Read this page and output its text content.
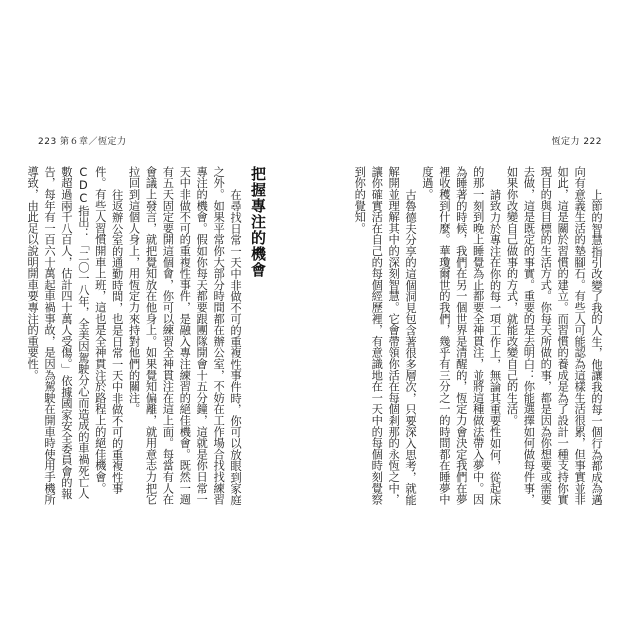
223 第６章／恆定力	恆定力 222

上節的智慧指引改變了我的人生，他讓我的每一個行為都成為邁向有意義生活的墊腳石。有些人可能認為這樣生活很累，但事實並非如此，這是關於習慣的建立。而習慣的養成是為了設計一種支持你實現目的與目標的生活方式。你每天所做的事，都是因為你想要或需要去做，這是既定的事實。重要的是去明白：你能選擇如何做每件事，如果你改變自己做事的方式，就能改變自己的生活。

請致力於專注在你的每一項工作上，無論其重要性如何，從起床的那一刻到晚上睡覺為止都要全神貫注，並將這種做法帶入夢中。因為睡著的時候，我們在另一個世界是清醒的，恆定力會決定我們在夢裡收穫到什麼。華瓊爾世的我們，幾乎有三分之一的時間都在睡夢中度過。

古魯德夫分享的這個洞見包含著很多層次，只要深入思考，就能解開並理解其中的深刻智慧。它會帶領你活在每個剎那的永恆之中，讓你確實活在自己的每個經歷裡，有意識地在一天中的每個時刻覺察到你的覺知。

把握專注的機會

在尋找日常一天中非做不可的重複性事件時，你可以放眼到家庭之外。如果平常你大部分時間都在辦公室，不妨在工作場合找找練習專注的機會。假如你每天都要跟團隊開會十五分鐘，這就是你日常一天中非做不可的重複性事件，是融入專注練習的絕佳機會。既然一週有五天固定要開這個會，你可以練習全神貫注在這上面。每當有人在會議上發言，就把覺知放在他身上。如果覺知偏離，就用意志力把它拉回到這個人身上，用恆定力來持對他們的關注。

往返辦公室的通勤時間，也是日常一天中非做不可的重複性事件。有些人習慣開車上班，這也是全神貫注於路程上的絕佳機會。CDC指出：「二〇一八年，全美因駕駛分心而造成的車禍死亡人數超過兩千八百人，估計四十萬人受傷。」依據國家安全委員會的報告，每年有一百六十萬起車禍事故，是因為駕駛在開車時使用手機所導致，由此足以說明開車要專注的重要性。
